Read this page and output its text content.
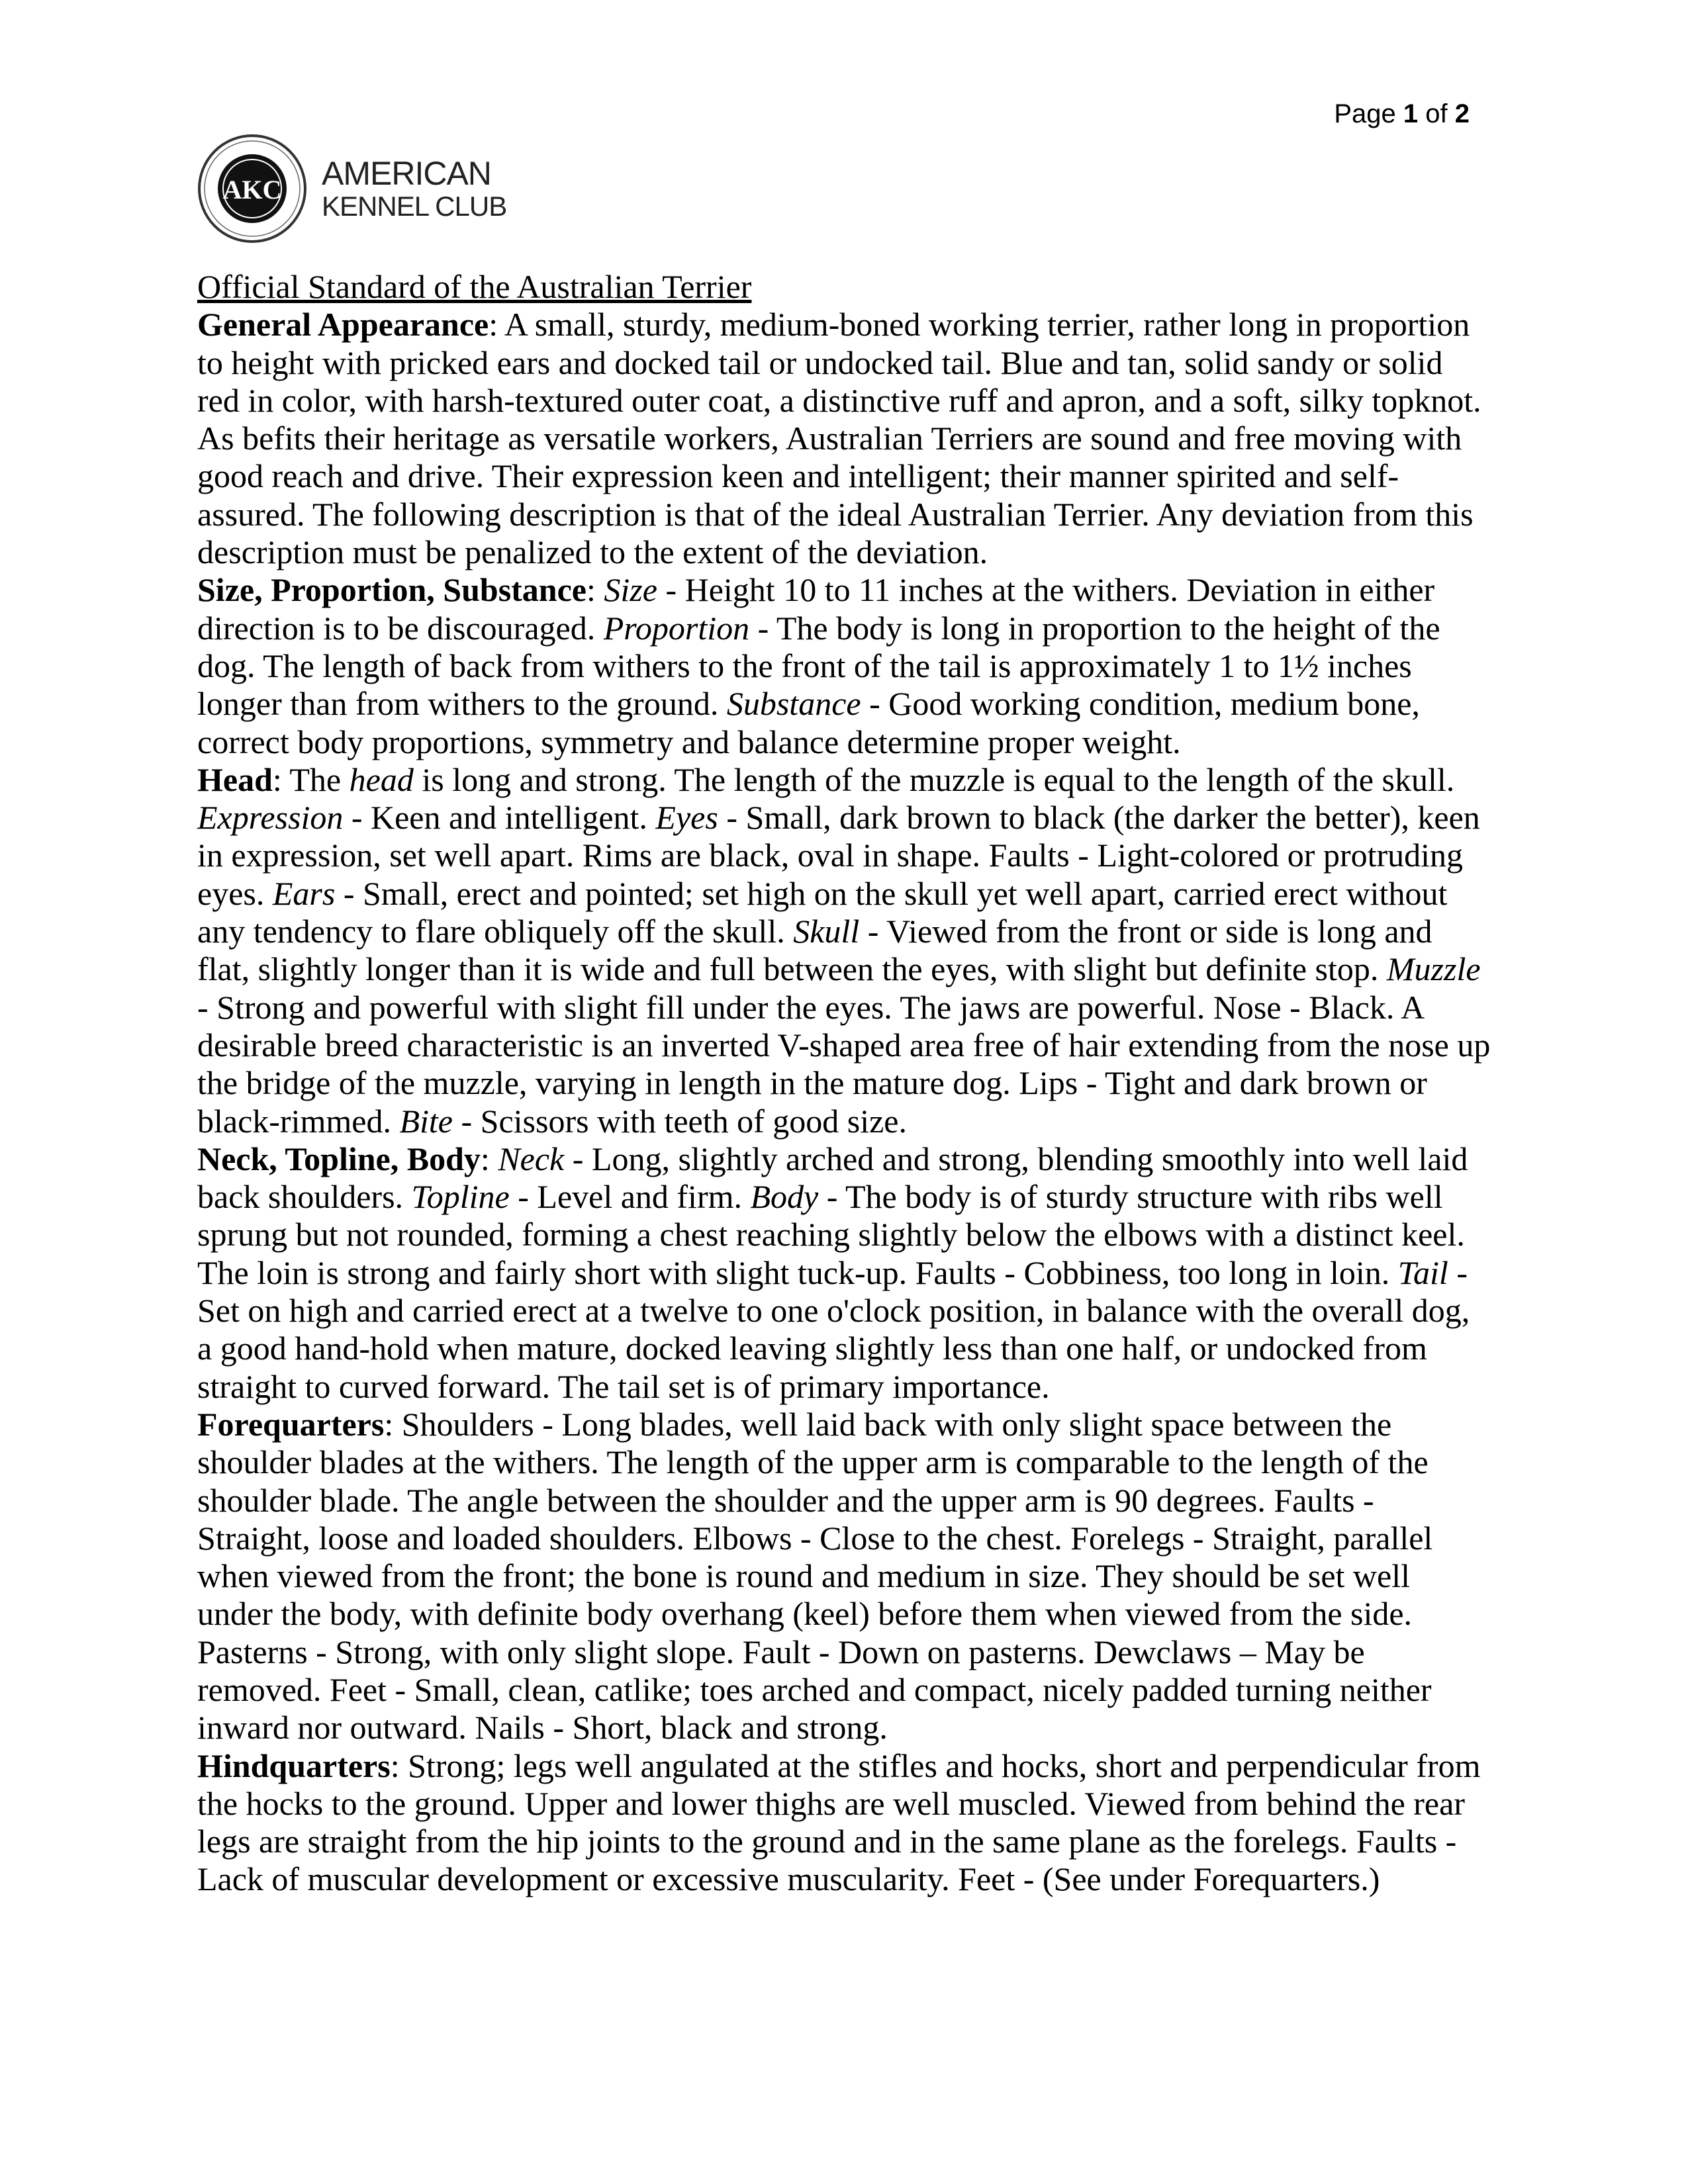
Page 1 of 2
AKC AMERICAN
KENNEL CLUB

Official Standard of the Australian Terrier

General Appearance: A small, sturdy, medium-boned working terrier, rather long in proportion to height with pricked ears and docked tail or undocked tail. Blue and tan, solid sandy or solid red in color, with harsh-textured outer coat, a distinctive ruff and apron, and a soft, silky topknot. As befits their heritage as versatile workers, Australian Terriers are sound and free moving with good reach and drive. Their expression keen and intelligent; their manner spirited and self-assured. The following description is that of the ideal Australian Terrier. Any deviation from this description must be penalized to the extent of the deviation.

Size, Proportion, Substance: Size - Height 10 to 11 inches at the withers. Deviation in either direction is to be discouraged. Proportion - The body is long in proportion to the height of the dog. The length of back from withers to the front of the tail is approximately 1 to 1½ inches longer than from withers to the ground. Substance - Good working condition, medium bone, correct body proportions, symmetry and balance determine proper weight.

Head: The head is long and strong. The length of the muzzle is equal to the length of the skull. Expression - Keen and intelligent. Eyes - Small, dark brown to black (the darker the better), keen in expression, set well apart. Rims are black, oval in shape. Faults - Light-colored or protruding eyes. Ears - Small, erect and pointed; set high on the skull yet well apart, carried erect without any tendency to flare obliquely off the skull. Skull - Viewed from the front or side is long and flat, slightly longer than it is wide and full between the eyes, with slight but definite stop. Muzzle - Strong and powerful with slight fill under the eyes. The jaws are powerful. Nose - Black. A desirable breed characteristic is an inverted V-shaped area free of hair extending from the nose up the bridge of the muzzle, varying in length in the mature dog. Lips - Tight and dark brown or black-rimmed. Bite - Scissors with teeth of good size.

Neck, Topline, Body: Neck - Long, slightly arched and strong, blending smoothly into well laid back shoulders. Topline - Level and firm. Body - The body is of sturdy structure with ribs well sprung but not rounded, forming a chest reaching slightly below the elbows with a distinct keel. The loin is strong and fairly short with slight tuck-up. Faults - Cobbiness, too long in loin. Tail - Set on high and carried erect at a twelve to one o'clock position, in balance with the overall dog, a good hand-hold when mature, docked leaving slightly less than one half, or undocked from straight to curved forward. The tail set is of primary importance.

Forequarters: Shoulders - Long blades, well laid back with only slight space between the shoulder blades at the withers. The length of the upper arm is comparable to the length of the shoulder blade. The angle between the shoulder and the upper arm is 90 degrees. Faults - Straight, loose and loaded shoulders. Elbows - Close to the chest. Forelegs - Straight, parallel when viewed from the front; the bone is round and medium in size. They should be set well under the body, with definite body overhang (keel) before them when viewed from the side. Pasterns - Strong, with only slight slope. Fault - Down on pasterns. Dewclaws – May be removed. Feet - Small, clean, catlike; toes arched and compact, nicely padded turning neither inward nor outward. Nails - Short, black and strong.

Hindquarters: Strong; legs well angulated at the stifles and hocks, short and perpendicular from the hocks to the ground. Upper and lower thighs are well muscled. Viewed from behind the rear legs are straight from the hip joints to the ground and in the same plane as the forelegs. Faults - Lack of muscular development or excessive muscularity. Feet - (See under Forequarters.)
